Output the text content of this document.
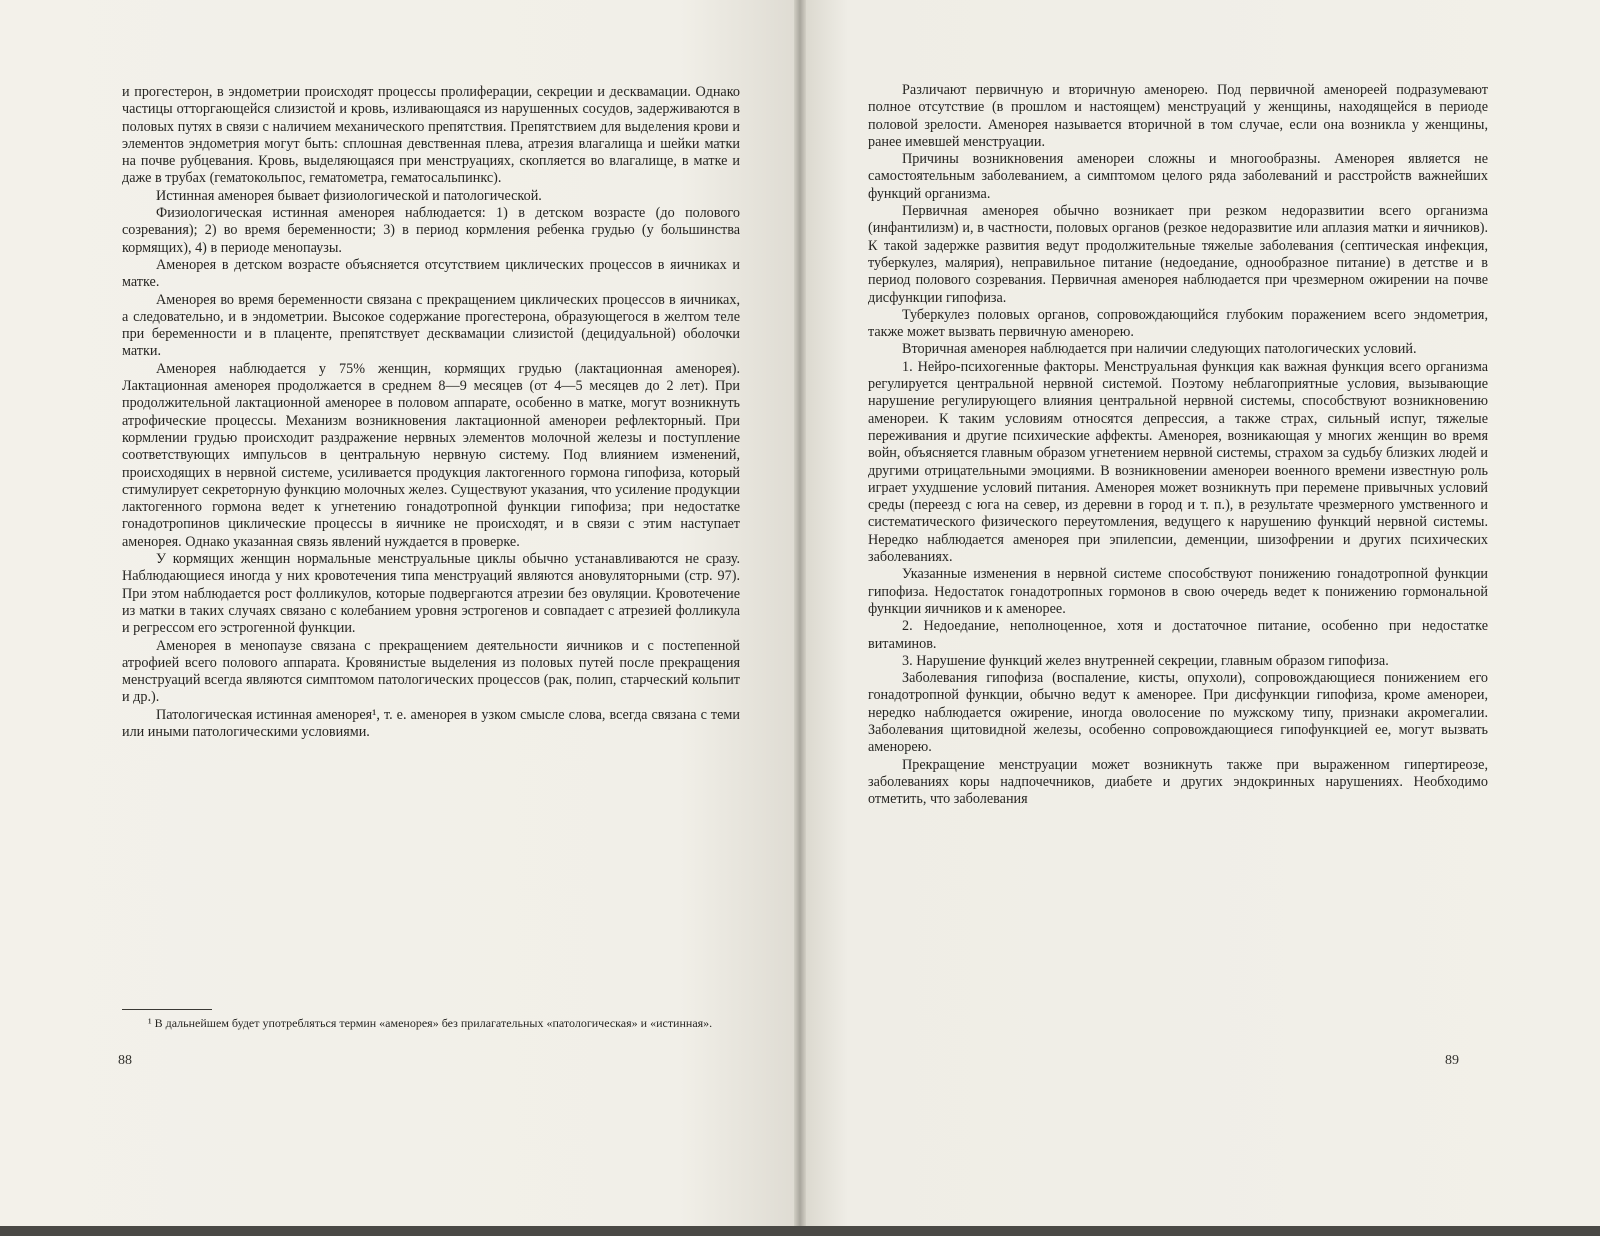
и прогестерон, в эндометрии происходят процессы пролиферации, секреции и десквамации. Однако частицы отторгающейся слизистой и кровь, изливающаяся из нарушенных сосудов, задерживаются в половых путях в связи с наличием механического препятствия. Препятствием для выделения крови и элементов эндометрия могут быть: сплошная девственная плева, атрезия влагалища и шейки матки на почве рубцевания. Кровь, выделяющаяся при менструациях, скопляется во влагалище, в матке и даже в трубах (гематокольпос, гематометра, гематосальпинкс).

Истинная аменорея бывает физиологической и патологической.

Физиологическая истинная аменорея наблюдается: 1) в детском возрасте (до полового созревания); 2) во время беременности; 3) в период кормления ребенка грудью (у большинства кормящих), 4) в периоде менопаузы.

Аменорея в детском возрасте объясняется отсутствием циклических процессов в яичниках и матке.

Аменорея во время беременности связана с прекращением циклических процессов в яичниках, а следовательно, и в эндометрии. Высокое содержание прогестерона, образующегося в желтом теле при беременности и в плаценте, препятствует десквамации слизистой (децидуальной) оболочки матки.

Аменорея наблюдается у 75% женщин, кормящих грудью (лактационная аменорея). Лактационная аменорея продолжается в среднем 8—9 месяцев (от 4—5 месяцев до 2 лет). При продолжительной лактационной аменорее в половом аппарате, особенно в матке, могут возникнуть атрофические процессы. Механизм возникновения лактационной аменореи рефлекторный. При кормлении грудью происходит раздражение нервных элементов молочной железы и поступление соответствующих импульсов в центральную нервную систему. Под влиянием изменений, происходящих в нервной системе, усиливается продукция лактогенного гормона гипофиза, который стимулирует секреторную функцию молочных желез. Существуют указания, что усиление продукции лактогенного гормона ведет к угнетению гонадотропной функции гипофиза; при недостатке гонадотропинов циклические процессы в яичнике не происходят, и в связи с этим наступает аменорея. Однако указанная связь явлений нуждается в проверке.

У кормящих женщин нормальные менструальные циклы обычно устанавливаются не сразу. Наблюдающиеся иногда у них кровотечения типа менструаций являются ановуляторными (стр. 97). При этом наблюдается рост фолликулов, которые подвергаются атрезии без овуляции. Кровотечение из матки в таких случаях связано с колебанием уровня эстрогенов и совпадает с атрезией фолликула и регрессом его эстрогенной функции.

Аменорея в менопаузе связана с прекращением деятельности яичников и с постепенной атрофией всего полового аппарата. Кровянистые выделения из половых путей после прекращения менструаций всегда являются симптомом патологических процессов (рак, полип, старческий кольпит и др.).

Патологическая истинная аменорея¹, т. е. аменорея в узком смысле слова, всегда связана с теми или иными патологическими условиями.

¹ В дальнейшем будет употребляться термин «аменорея» без прилагательных «патологическая» и «истинная».

88

Различают первичную и вторичную аменорею. Под первичной аменореей подразумевают полное отсутствие (в прошлом и настоящем) менструаций у женщины, находящейся в периоде половой зрелости. Аменорея называется вторичной в том случае, если она возникла у женщины, ранее имевшей менструации.

Причины возникновения аменореи сложны и многообразны. Аменорея является не самостоятельным заболеванием, а симптомом целого ряда заболеваний и расстройств важнейших функций организма.

Первичная аменорея обычно возникает при резком недоразвитии всего организма (инфантилизм) и, в частности, половых органов (резкое недоразвитие или аплазия матки и яичников). К такой задержке развития ведут продолжительные тяжелые заболевания (септическая инфекция, туберкулез, малярия), неправильное питание (недоедание, однообразное питание) в детстве и в период полового созревания. Первичная аменорея наблюдается при чрезмерном ожирении на почве дисфункции гипофиза.

Туберкулез половых органов, сопровождающийся глубоким поражением всего эндометрия, также может вызвать первичную аменорею.

Вторичная аменорея наблюдается при наличии следующих патологических условий.

1. Нейро-психогенные факторы. Менструальная функция как важная функция всего организма регулируется центральной нервной системой. Поэтому неблагоприятные условия, вызывающие нарушение регулирующего влияния центральной нервной системы, способствуют возникновению аменореи. К таким условиям относятся депрессия, а также страх, сильный испуг, тяжелые переживания и другие психические аффекты. Аменорея, возникающая у многих женщин во время войн, объясняется главным образом угнетением нервной системы, страхом за судьбу близких людей и другими отрицательными эмоциями. В возникновении аменореи военного времени известную роль играет ухудшение условий питания. Аменорея может возникнуть при перемене привычных условий среды (переезд с юга на север, из деревни в город и т. п.), в результате чрезмерного умственного и систематического физического переутомления, ведущего к нарушению функций нервной системы. Нередко наблюдается аменорея при эпилепсии, деменции, шизофрении и других психических заболеваниях.

Указанные изменения в нервной системе способствуют понижению гонадотропной функции гипофиза. Недостаток гонадотропных гормонов в свою очередь ведет к понижению гормональной функции яичников и к аменорее.

2. Недоедание, неполноценное, хотя и достаточное питание, особенно при недостатке витаминов.

3. Нарушение функций желез внутренней секреции, главным образом гипофиза.

Заболевания гипофиза (воспаление, кисты, опухоли), сопровождающиеся понижением его гонадотропной функции, обычно ведут к аменорее. При дисфункции гипофиза, кроме аменореи, нередко наблюдается ожирение, иногда оволосение по мужскому типу, признаки акромегалии. Заболевания щитовидной железы, особенно сопровождающиеся гипофункцией ее, могут вызвать аменорею.

Прекращение менструации может возникнуть также при выраженном гипертиреозе, заболеваниях коры надпочечников, диабете и других эндокринных нарушениях. Необходимо отметить, что заболевания

89
